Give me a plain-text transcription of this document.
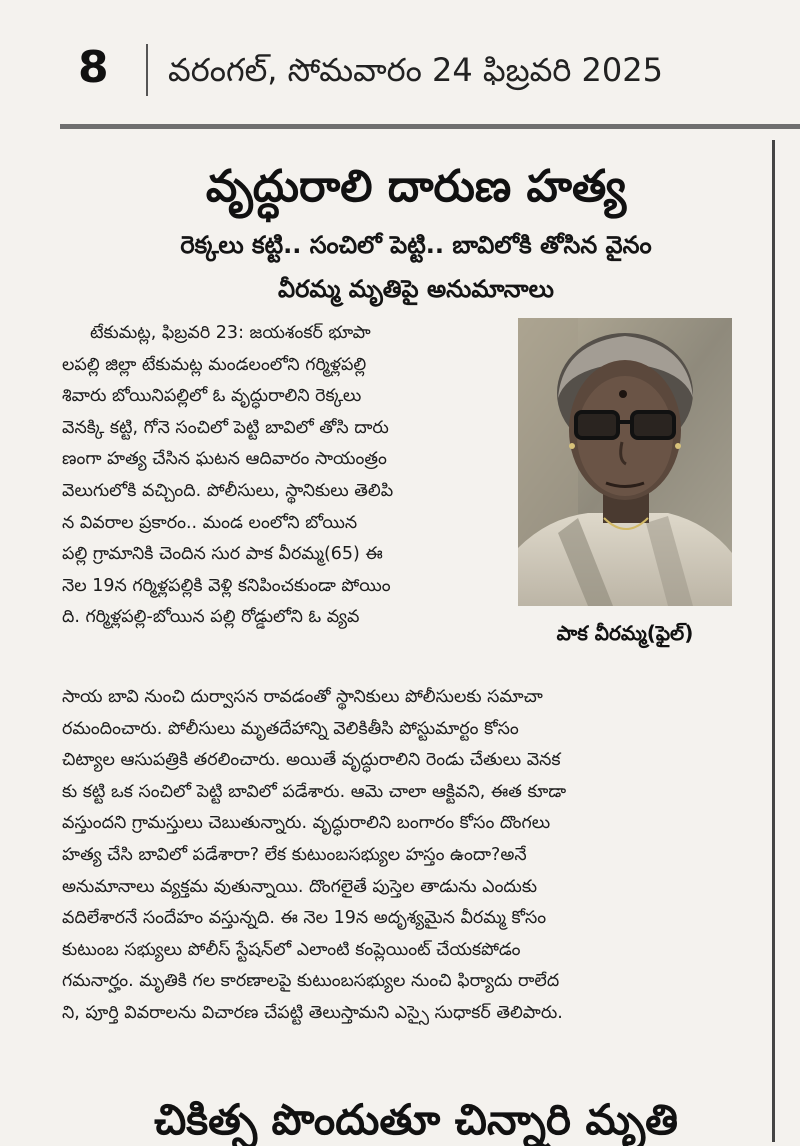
8 వరంగల్, సోమవారం 24 ఫిబ్రవరి 2025
వృద్ధురాలి దారుణ హత్య
రెక్కలు కట్టి.. సంచిలో పెట్టి.. బావిలోకి తోసిన వైనం
వీరమ్మ మృతిపై అనుమానాలు
టేకుమట్ల, ఫిబ్రవరి 23: జయశంకర్ భూపా
లపల్లి జిల్లా టేకుమట్ల మండలంలోని గర్మిళ్లపల్లి
శివారు బోయినిపల్లిలో ఓ వృద్ధురాలిని రెక్కలు
వెనక్కి కట్టి, గోనె సంచిలో పెట్టి బావిలో తోసి దారు
ణంగా హత్య చేసిన ఘటన ఆదివారం సాయంత్రం
వెలుగులోకి వచ్చింది. పోలీసులు, స్థానికులు తెలిపి
న వివరాల ప్రకారం.. మండ లంలోని బోయిన
పల్లి గ్రామానికి చెందిన సుర పాక వీరమ్మ(65) ఈ
నెల 19న గర్మిళ్లపల్లికి వెళ్లి కనిపించకుండా పోయిం
ది. గర్మిళ్లపల్లి-బోయిన పల్లి రోడ్డులోని ఓ వ్యవ
పాక వీరమ్మ(ఫైల్)
సాయ బావి నుంచి దుర్వాసన రావడంతో స్థానికులు పోలీసులకు సమాచా
రమందించారు. పోలీసులు మృతదేహాన్ని వెలికితీసి పోస్టుమార్టం కోసం
చిట్యాల ఆసుపత్రికి తరలించారు. అయితే వృద్ధురాలిని రెండు చేతులు వెనక
కు కట్టి ఒక సంచిలో పెట్టి బావిలో పడేశారు. ఆమె చాలా ఆక్టివని, ఈత కూడా
వస్తుందని గ్రామస్తులు చెబుతున్నారు. వృద్ధురాలిని బంగారం కోసం దొంగలు
హత్య చేసి బావిలో పడేశారా? లేక కుటుంబసభ్యుల హస్తం ఉందా?అనే
అనుమానాలు వ్యక్తమ వుతున్నాయి. దొంగలైతే పుస్తెల తాడును ఎందుకు
వదిలేశారనే సందేహం వస్తున్నది. ఈ నెల 19న అదృశ్యమైన వీరమ్మ కోసం
కుటుంబ సభ్యులు పోలీస్ స్టేషన్‌లో ఎలాంటి కంప్లెయింట్ చేయకపోడం
గమనార్హం. మృతికి గల కారణాలపై కుటుంబసభ్యుల నుంచి ఫిర్యాదు రాలేద
ని, పూర్తి వివరాలను విచారణ చేపట్టి తెలుస్తామని ఎస్సై సుధాకర్ తెలిపారు.
చికిత్స పొందుతూ చిన్నారి మృతి
